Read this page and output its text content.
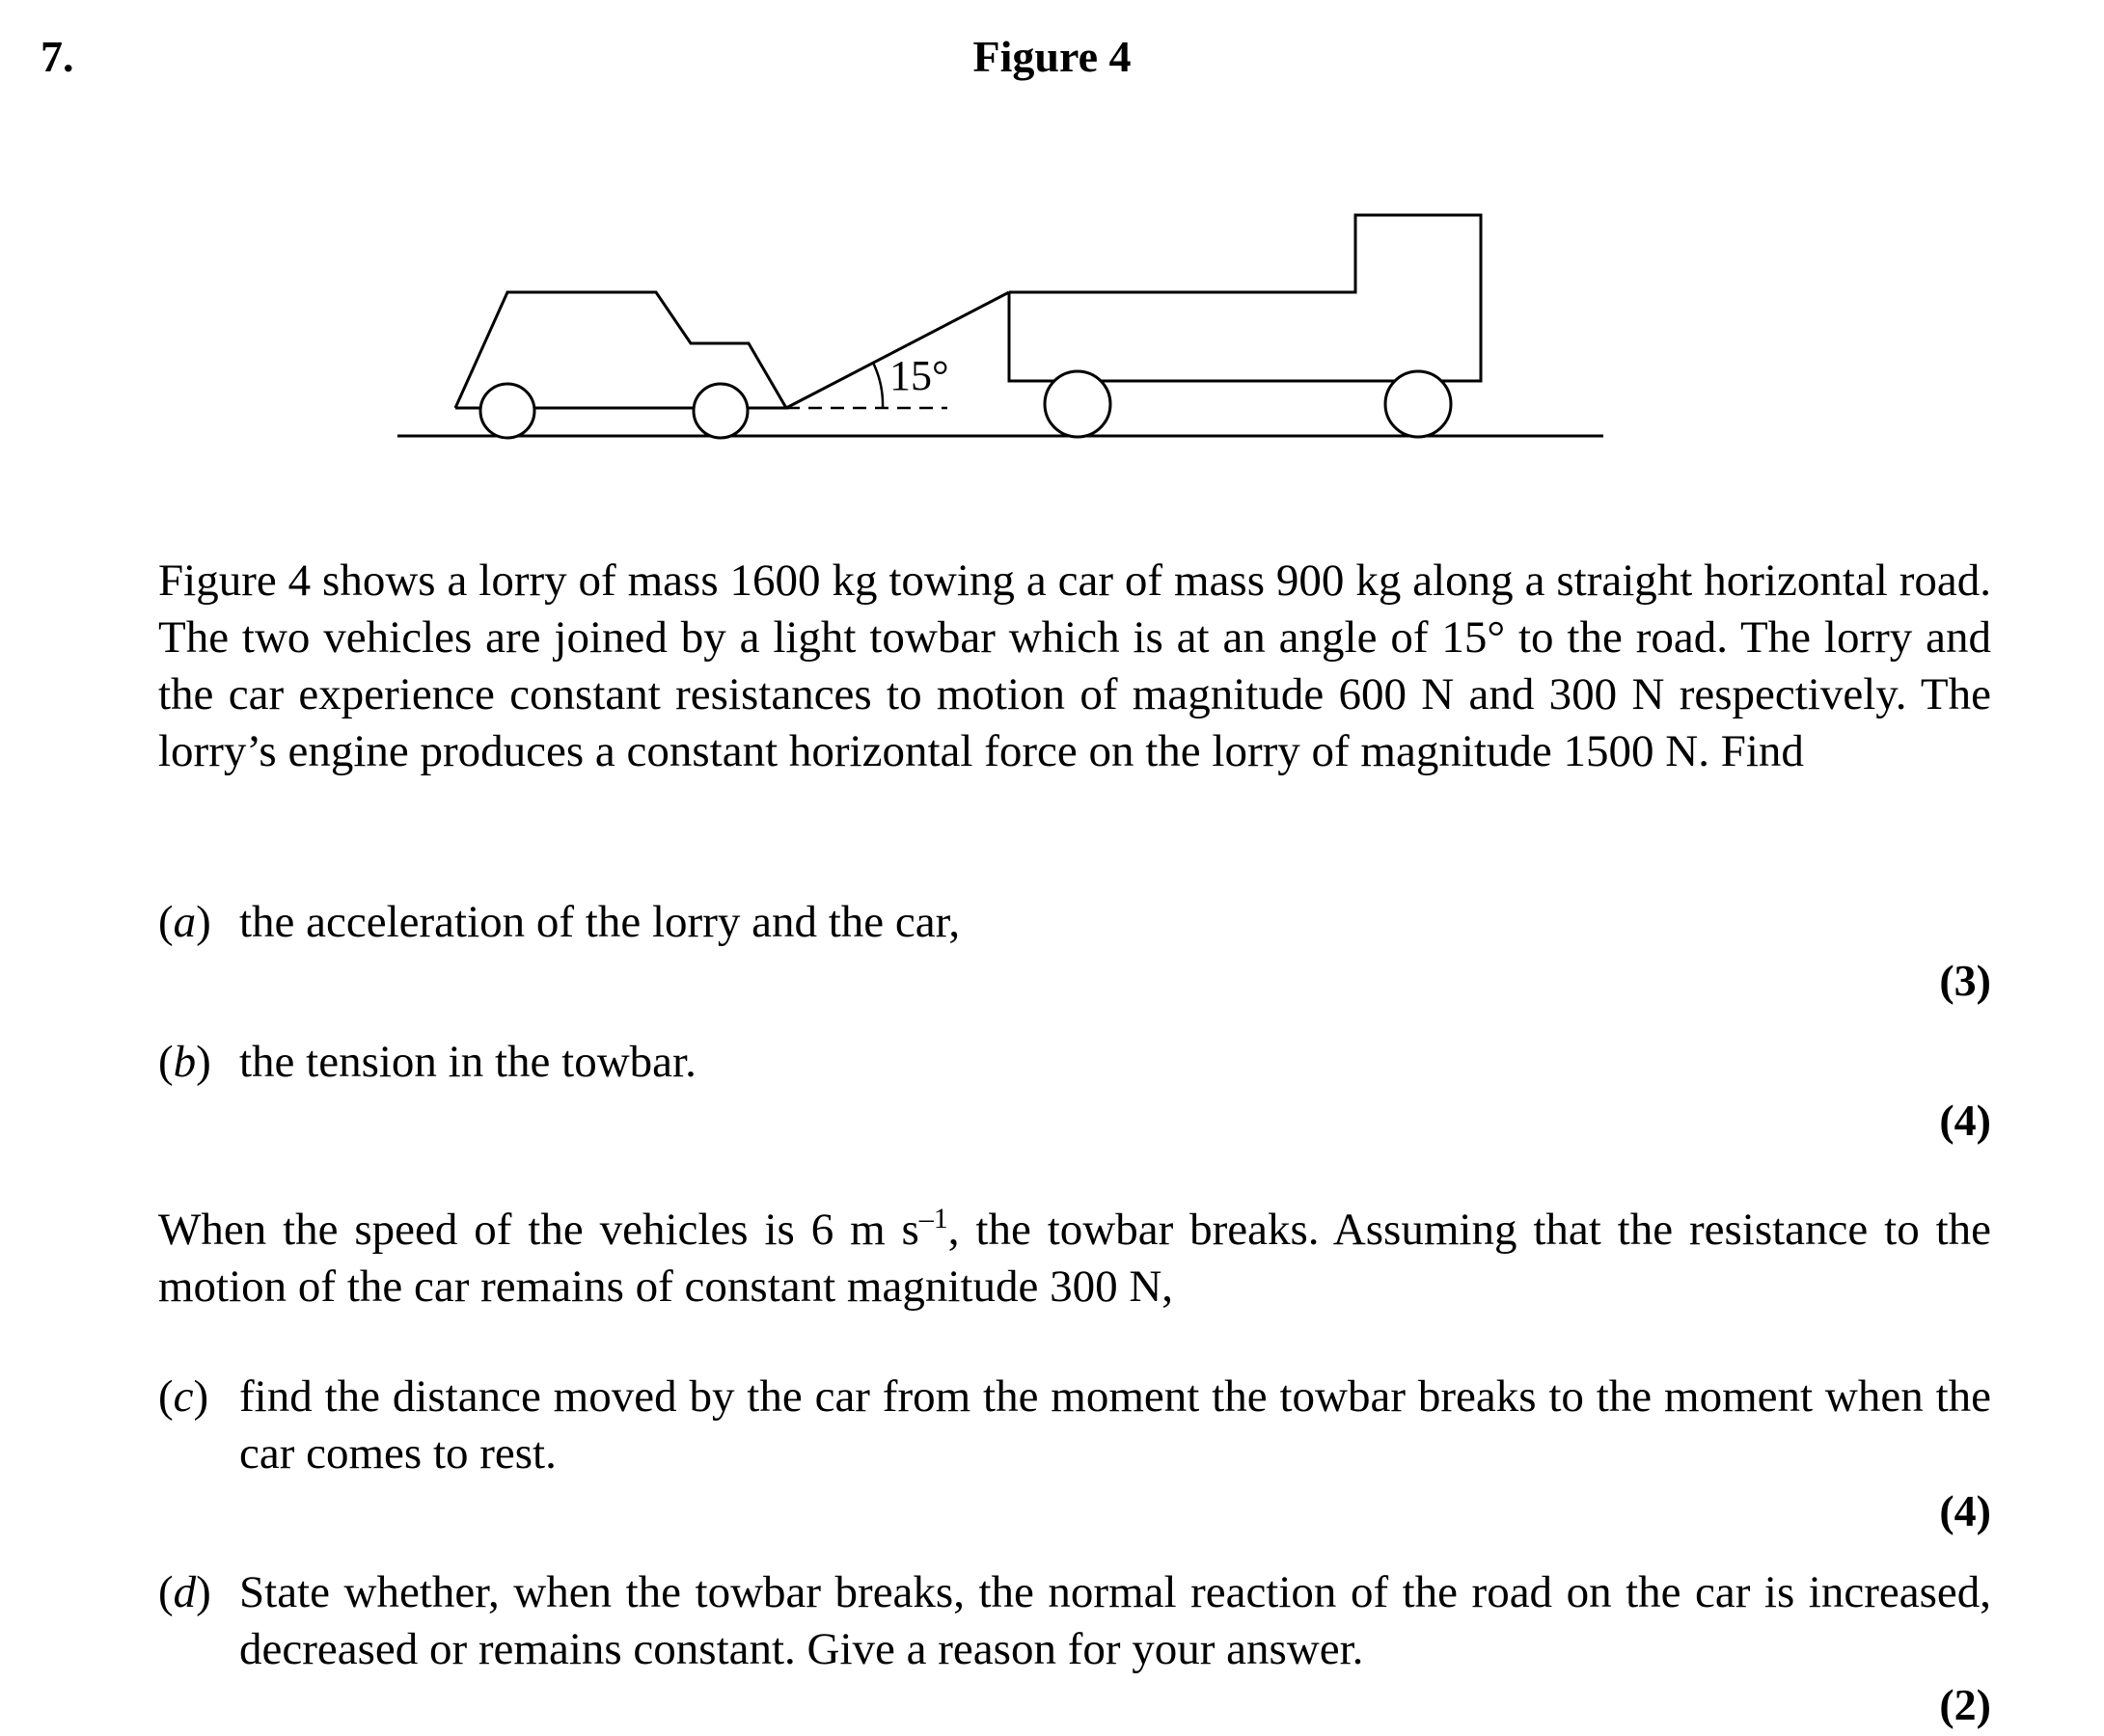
7.	Figure 4
15°
Figure 4 shows a lorry of mass 1600 kg towing a car of mass 900 kg along a straight horizontal road. The two vehicles are joined by a light towbar which is at an angle of 15° to the road. The lorry and the car experience constant resistances to motion of magnitude 600 N and 300 N respectively. The lorry’s engine produces a constant horizontal force on the lorry of magnitude 1500 N. Find
(a) the acceleration of the lorry and the car,
(3)
(b) the tension in the towbar.
(4)
When the speed of the vehicles is 6 m $s^{-1}$, the towbar breaks. Assuming that the resistance to the motion of the car remains of constant magnitude 300 N,
(c) find the distance moved by the car from the moment the towbar breaks to the moment when the car comes to rest.
(4)
(d) State whether, when the towbar breaks, the normal reaction of the road on the car is increased, decreased or remains constant. Give a reason for your answer.
(2)
